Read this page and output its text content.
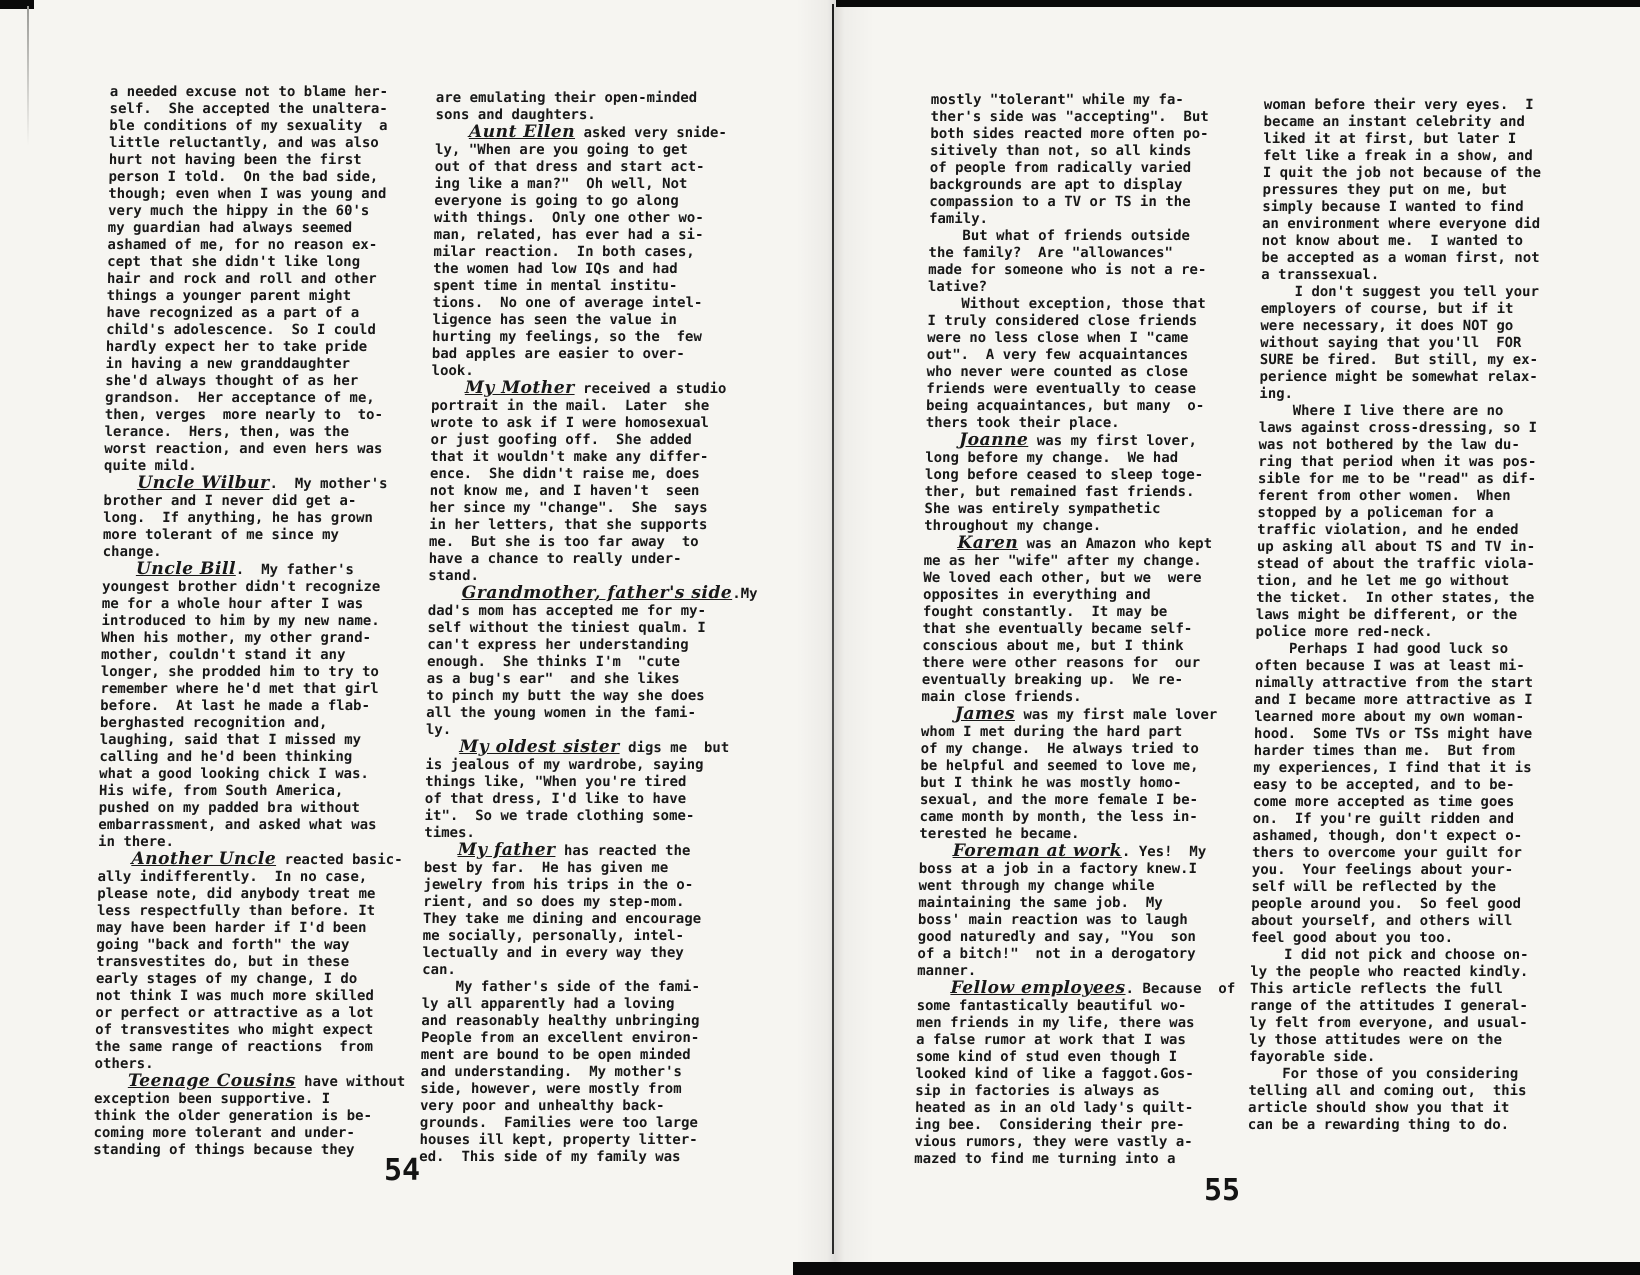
a needed excuse not to blame her-
self.  She accepted the unaltera-
ble conditions of my sexuality  a
little reluctantly, and was also
hurt not having been the first
person I told.  On the bad side,
though; even when I was young and
very much the hippy in the 60's
my guardian had always seemed
ashamed of me, for no reason ex-
cept that she didn't like long
hair and rock and roll and other
things a younger parent might
have recognized as a part of a
child's adolescence.  So I could
hardly expect her to take pride
in having a new granddaughter
she'd always thought of as her
grandson.  Her acceptance of me,
then, verges  more nearly to  to-
lerance.  Hers, then, was the
worst reaction, and even hers was
quite mild.

Uncle Wilbur.  My mother's
brother and I never did get a-
long.  If anything, he has grown
more tolerant of me since my
change.

Uncle Bill.  My father's
youngest brother didn't recognize
me for a whole hour after I was
introduced to him by my new name.
When his mother, my other grand-
mother, couldn't stand it any
longer, she prodded him to try to
remember where he'd met that girl
before.  At last he made a flab-
berghasted recognition and,
laughing, said that I missed my
calling and he'd been thinking
what a good looking chick I was.
His wife, from South America,
pushed on my padded bra without
embarrassment, and asked what was
in there.

Another Uncle reacted basic-
ally indifferently.  In no case,
please note, did anybody treat me
less respectfully than before. It
may have been harder if I'd been
going "back and forth" the way
transvestites do, but in these
early stages of my change, I do
not think I was much more skilled
or perfect or attractive as a lot
of transvestites who might expect
the same range of reactions  from
others.

Teenage Cousins have without
exception been supportive. I
think the older generation is be-
coming more tolerant and under-
standing of things because they

are emulating their open-minded
sons and daughters.

Aunt Ellen asked very snide-
ly, "When are you going to get
out of that dress and start act-
ing like a man?"  Oh well, Not
everyone is going to go along
with things.  Only one other wo-
man, related, has ever had a si-
milar reaction.  In both cases,
the women had low IQs and had
spent time in mental institu-
tions.  No one of average intel-
ligence has seen the value in
hurting my feelings, so the  few
bad apples are easier to over-
look.

My Mother received a studio
portrait in the mail.  Later  she
wrote to ask if I were homosexual
or just goofing off.  She added
that it wouldn't make any differ-
ence.  She didn't raise me, does
not know me, and I haven't  seen
her since my "change".  She  says
in her letters, that she supports
me.  But she is too far away  to
have a chance to really under-
stand.

Grandmother, father's side.My
dad's mom has accepted me for my-
self without the tiniest qualm. I
can't express her understanding
enough.  She thinks I'm  "cute
as a bug's ear"  and she likes
to pinch my butt the way she does
all the young women in the fami-
ly.

My oldest sister digs me  but
is jealous of my wardrobe, saying
things like, "When you're tired
of that dress, I'd like to have
it".  So we trade clothing some-
times.

My father has reacted the
best by far.  He has given me
jewelry from his trips in the o-
rient, and so does my step-mom.
They take me dining and encourage
me socially, personally, intel-
lectually and in every way they
can.

My father's side of the fami-
ly all apparently had a loving
and reasonably healthy unbringing
People from an excellent environ-
ment are bound to be open minded
and understanding.  My mother's
side, however, were mostly from
very poor and unhealthy back-
grounds.  Families were too large
houses ill kept, property litter-
ed.  This side of my family was

mostly "tolerant" while my fa-
ther's side was "accepting".  But
both sides reacted more often po-
sitively than not, so all kinds
of people from radically varied
backgrounds are apt to display
compassion to a TV or TS in the
family.

But what of friends outside
the family?  Are "allowances"
made for someone who is not a re-
lative?

Without exception, those that
I truly considered close friends
were no less close when I "came
out".  A very few acquaintances
who never were counted as close
friends were eventually to cease
being acquaintances, but many  o-
thers took their place.

Joanne was my first lover,
long before my change.  We had
long before ceased to sleep toge-
ther, but remained fast friends.
She was entirely sympathetic
throughout my change.

Karen was an Amazon who kept
me as her "wife" after my change.
We loved each other, but we  were
opposites in everything and
fought constantly.  It may be
that she eventually became self-
conscious about me, but I think
there were other reasons for  our
eventually breaking up.  We re-
main close friends.

James was my first male lover
whom I met during the hard part
of my change.  He always tried to
be helpful and seemed to love me,
but I think he was mostly homo-
sexual, and the more female I be-
came month by month, the less in-
terested he became.

Foreman at work. Yes!  My
boss at a job in a factory knew.I
went through my change while
maintaining the same job.  My
boss' main reaction was to laugh
good naturedly and say, "You  son
of a bitch!"  not in a derogatory
manner.

Fellow employees. Because  of
some fantastically beautiful wo-
men friends in my life, there was
a false rumor at work that I was
some kind of stud even though I
looked kind of like a faggot.Gos-
sip in factories is always as
heated as in an old lady's quilt-
ing bee.  Considering their pre-
vious rumors, they were vastly a-
mazed to find me turning into a

woman before their very eyes.  I
became an instant celebrity and
liked it at first, but later I
felt like a freak in a show, and
I quit the job not because of the
pressures they put on me, but
simply because I wanted to find
an environment where everyone did
not know about me.  I wanted to
be accepted as a woman first, not
a transsexual.

I don't suggest you tell your
employers of course, but if it
were necessary, it does NOT go
without saying that you'll  FOR
SURE be fired.  But still, my ex-
perience might be somewhat relax-
ing.

Where I live there are no
laws against cross-dressing, so I
was not bothered by the law du-
ring that period when it was pos-
sible for me to be "read" as dif-
ferent from other women.  When
stopped by a policeman for a
traffic violation, and he ended
up asking all about TS and TV in-
stead of about the traffic viola-
tion, and he let me go without
the ticket.  In other states, the
laws might be different, or the
police more red-neck.

Perhaps I had good luck so
often because I was at least mi-
nimally attractive from the start
and I became more attractive as I
learned more about my own woman-
hood.  Some TVs or TSs might have
harder times than me.  But from
my experiences, I find that it is
easy to be accepted, and to be-
come more accepted as time goes
on.  If you're guilt ridden and
ashamed, though, don't expect o-
thers to overcome your guilt for
you.  Your feelings about your-
self will be reflected by the
people around you.  So feel good
about yourself, and others will
feel good about you too.

I did not pick and choose on-
ly the people who reacted kindly.
This article reflects the full
range of the attitudes I general-
ly felt from everyone, and usual-
ly those attitudes were on the
fayorable side.

For those of you considering
telling all and coming out,  this
article should show you that it
can be a rewarding thing to do.

54
55
